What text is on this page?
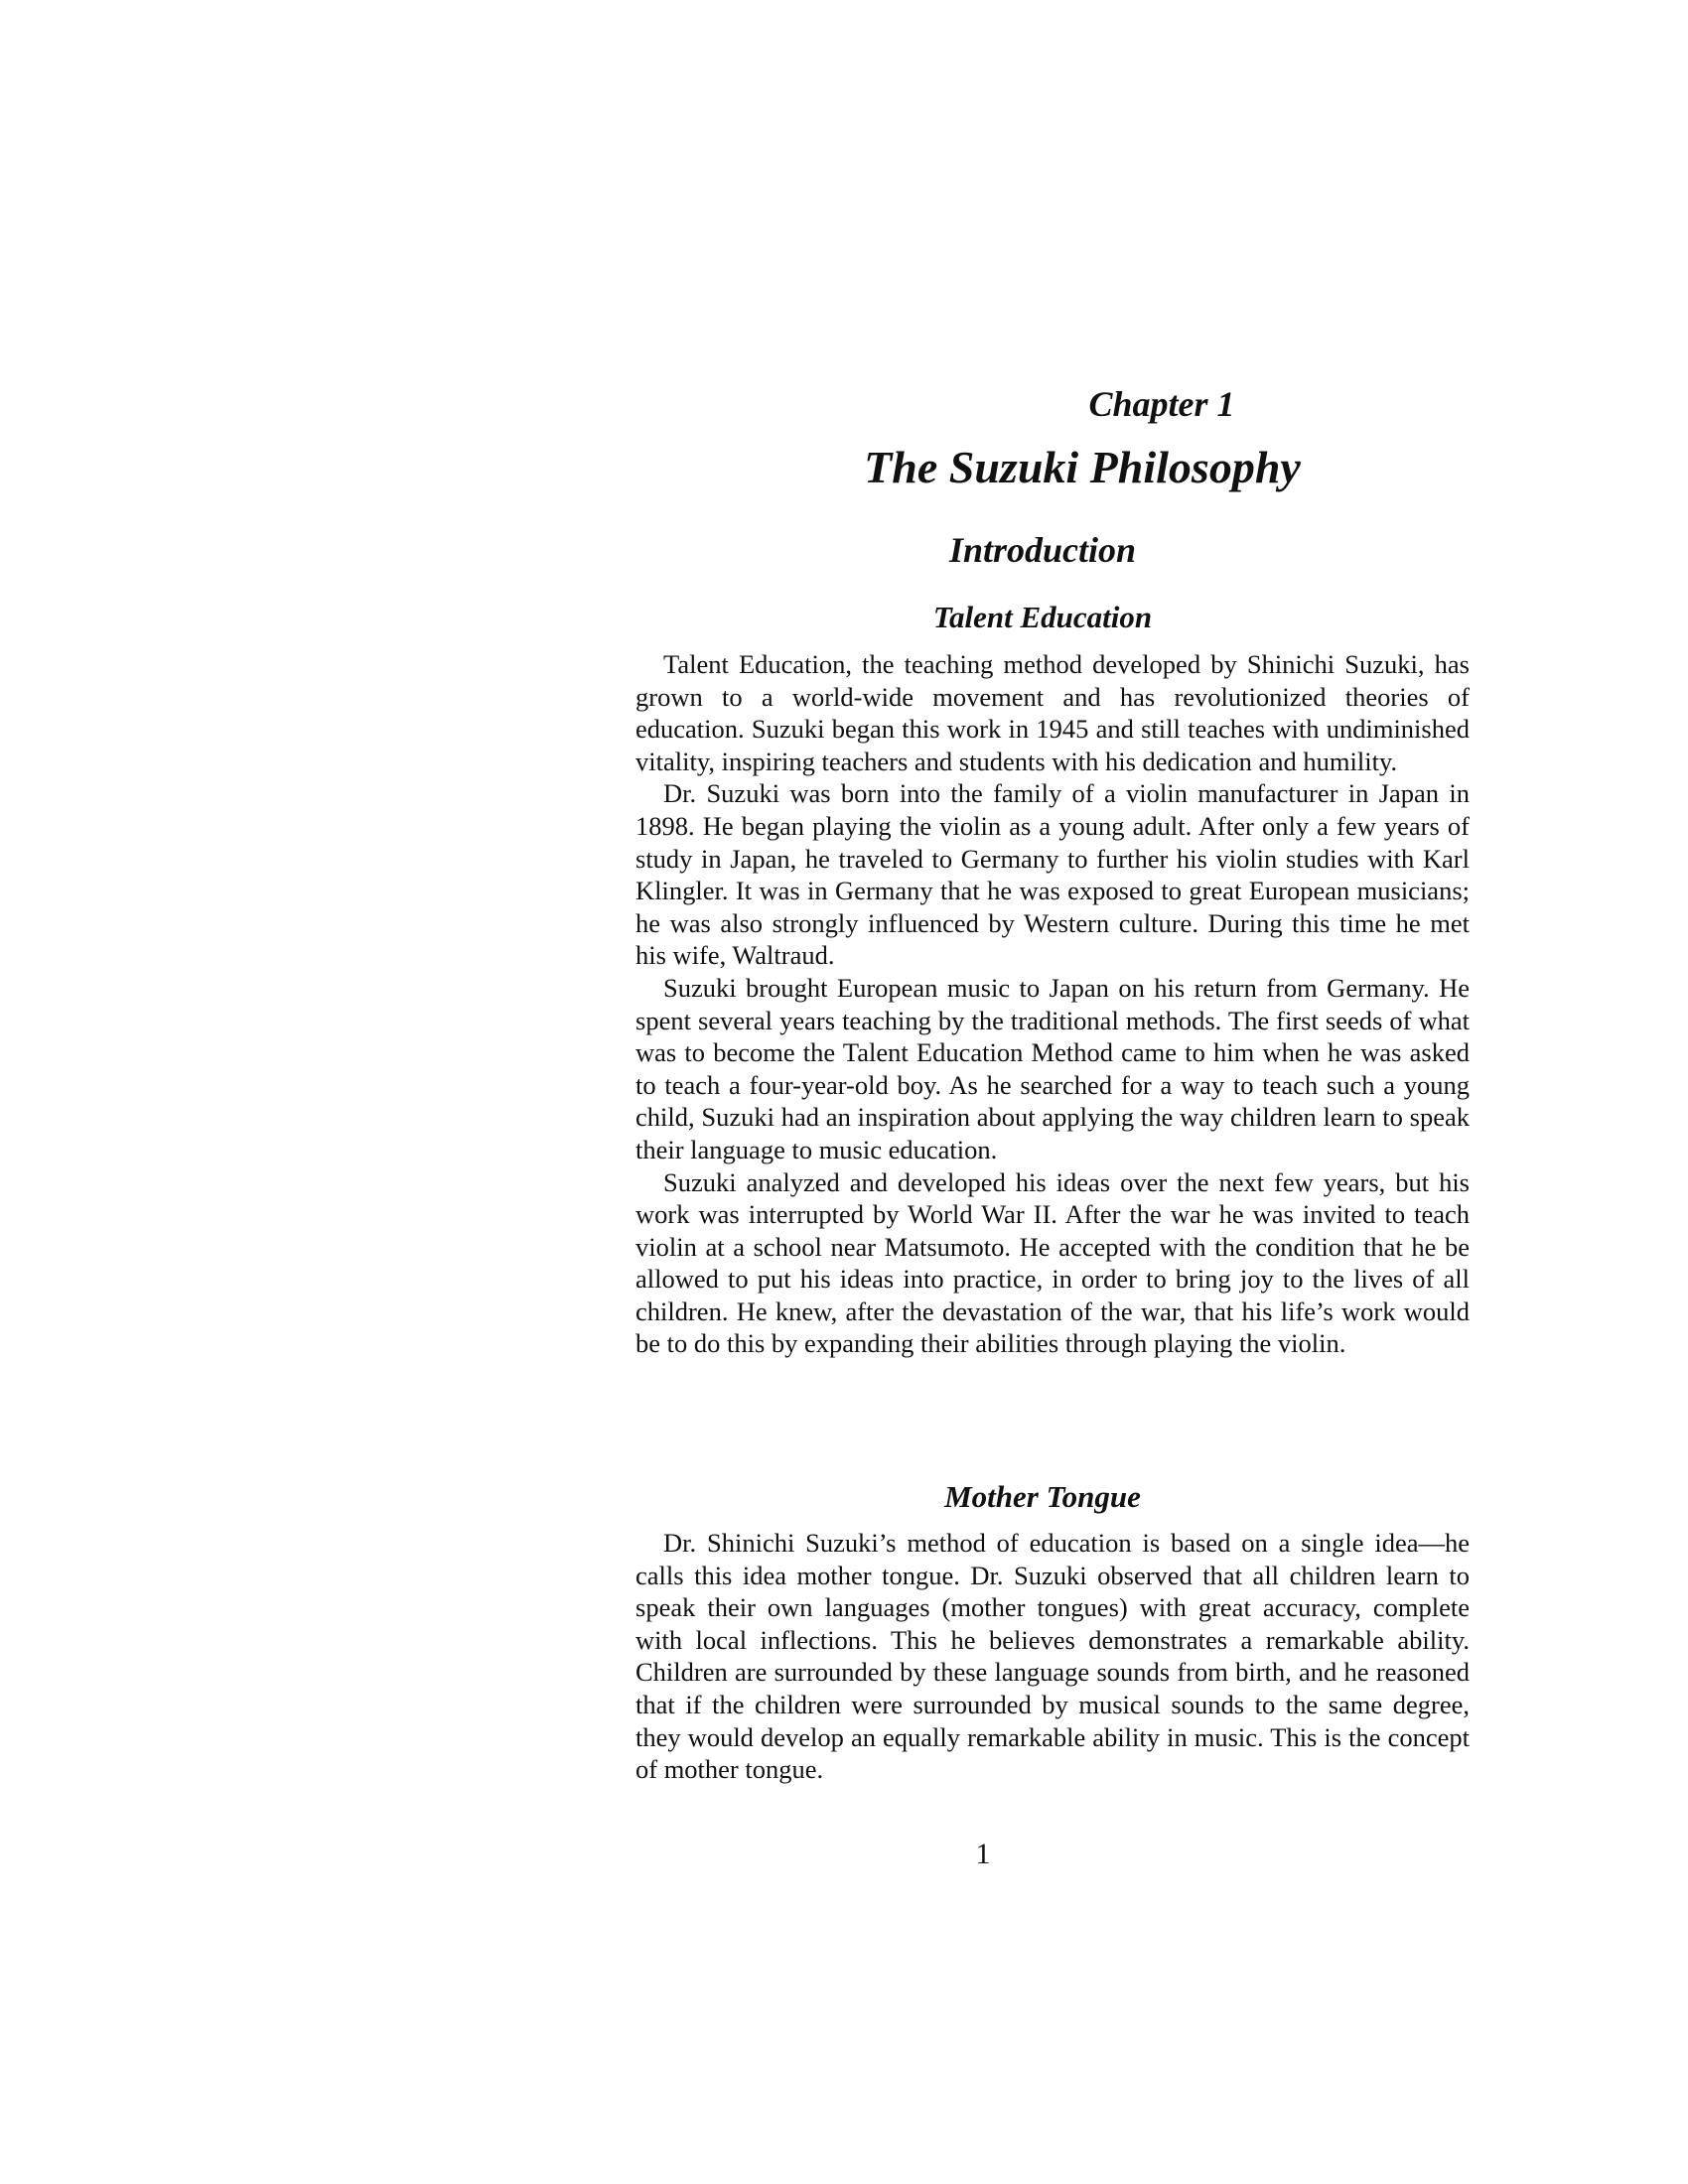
Chapter 1
The Suzuki Philosophy
Introduction
Talent Education

Talent Education, the teaching method developed by Shinichi Suzuki, has grown to a world-wide movement and has revolutionized theories of education. Suzuki began this work in 1945 and still teaches with undiminished vitality, inspiring teachers and students with his dedication and humility.

Dr. Suzuki was born into the family of a violin manufacturer in Japan in 1898. He began playing the violin as a young adult. After only a few years of study in Japan, he traveled to Germany to further his violin studies with Karl Klingler. It was in Germany that he was exposed to great European musicians; he was also strongly influenced by Western culture. During this time he met his wife, Waltraud.

Suzuki brought European music to Japan on his return from Germany. He spent several years teaching by the traditional methods. The first seeds of what was to become the Talent Education Method came to him when he was asked to teach a four-year-old boy. As he searched for a way to teach such a young child, Suzuki had an inspiration about applying the way children learn to speak their language to music education.

Suzuki analyzed and developed his ideas over the next few years, but his work was interrupted by World War II. After the war he was invited to teach violin at a school near Matsumoto. He accepted with the condition that he be allowed to put his ideas into practice, in order to bring joy to the lives of all children. He knew, after the devastation of the war, that his life’s work would be to do this by expanding their abilities through playing the violin.

Mother Tongue

Dr. Shinichi Suzuki’s method of education is based on a single idea—he calls this idea mother tongue. Dr. Suzuki observed that all children learn to speak their own languages (mother tongues) with great accuracy, complete with local inflections. This he believes demonstrates a remarkable ability. Children are surrounded by these language sounds from birth, and he reasoned that if the children were surrounded by musical sounds to the same degree, they would develop an equally remarkable ability in music. This is the concept of mother tongue.

1
